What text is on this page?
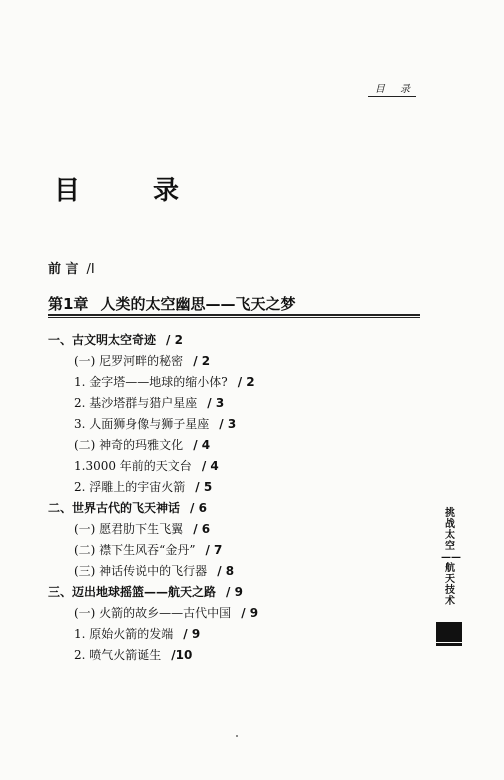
目 录
目 录
前 言 /I
第1章 人类的太空幽思——飞天之梦
一、古文明太空奇迹 / 2
(一) 尼罗河畔的秘密 / 2
1. 金字塔——地球的缩小体? / 2
2. 基沙塔群与猎户星座 / 3
3. 人面狮身像与狮子星座 / 3
(二) 神奇的玛雅文化 / 4
1.3000 年前的天文台 / 4
2. 浮雕上的宇宙火箭 / 5
二、世界古代的飞天神话 / 6
(一) 愿君肋下生飞翼 / 6
(二) 襟下生风吞“金丹” / 7
(三) 神话传说中的飞行器 / 8
三、迈出地球摇篮——航天之路 / 9
(一) 火箭的故乡——古代中国 / 9
1. 原始火箭的发端 / 9
2. 喷气火箭诞生 /10
挑战太空——航天技术
